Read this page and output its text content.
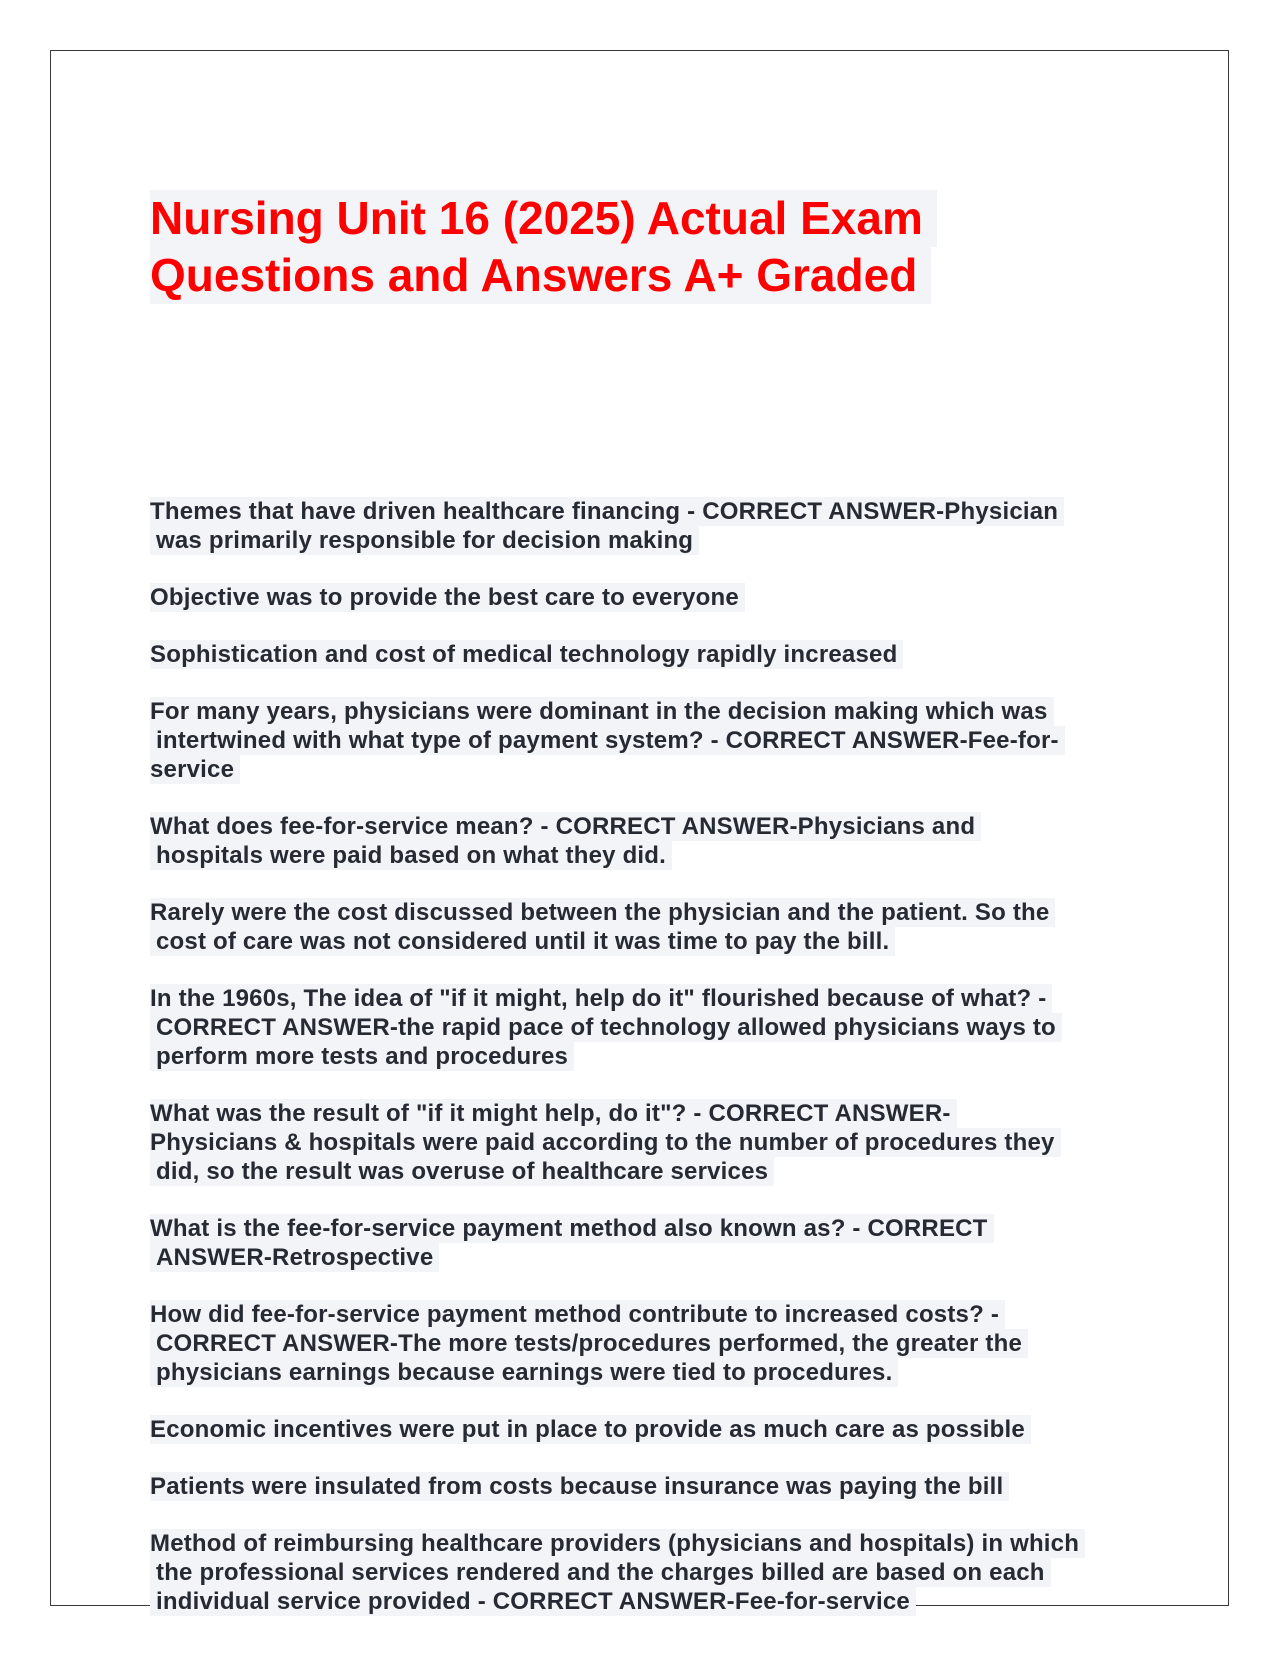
Nursing Unit 16 (2025) Actual Exam
Questions and Answers A+ Graded
Themes that have driven healthcare financing - CORRECT ANSWER-Physician
was primarily responsible for decision making
Objective was to provide the best care to everyone
Sophistication and cost of medical technology rapidly increased
For many years, physicians were dominant in the decision making which was
intertwined with what type of payment system? - CORRECT ANSWER-Fee-for-
service
What does fee-for-service mean? - CORRECT ANSWER-Physicians and
hospitals were paid based on what they did.
Rarely were the cost discussed between the physician and the patient. So the
cost of care was not considered until it was time to pay the bill.
In the 1960s, The idea of "if it might, help do it" flourished because of what? -
CORRECT ANSWER-the rapid pace of technology allowed physicians ways to
perform more tests and procedures
What was the result of "if it might help, do it"? - CORRECT ANSWER-
Physicians & hospitals were paid according to the number of procedures they
did, so the result was overuse of healthcare services
What is the fee-for-service payment method also known as? - CORRECT
ANSWER-Retrospective
How did fee-for-service payment method contribute to increased costs? -
CORRECT ANSWER-The more tests/procedures performed, the greater the
physicians earnings because earnings were tied to procedures.
Economic incentives were put in place to provide as much care as possible
Patients were insulated from costs because insurance was paying the bill
Method of reimbursing healthcare providers (physicians and hospitals) in which
the professional services rendered and the charges billed are based on each
individual service provided - CORRECT ANSWER-Fee-for-service
